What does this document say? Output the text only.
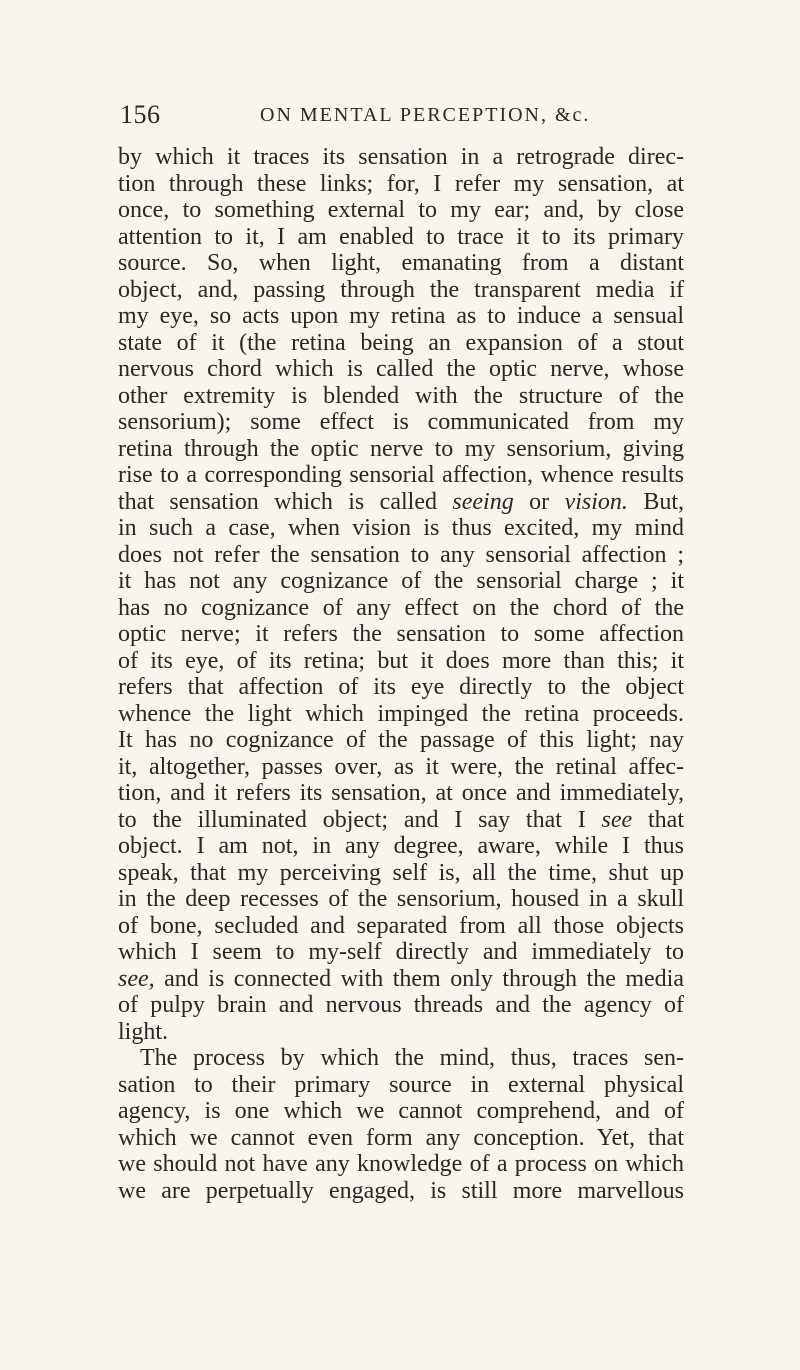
156	ON MENTAL PERCEPTION, &c.
by which it traces its sensation in a retrograde direc-
tion through these links; for, I refer my sensation, at
once, to something external to my ear; and, by close
attention to it, I am enabled to trace it to its primary
source. So, when light, emanating from a distant
object, and, passing through the transparent media if
my eye, so acts upon my retina as to induce a sensual
state of it (the retina being an expansion of a stout
nervous chord which is called the optic nerve, whose
other extremity is blended with the structure of the
sensorium); some effect is communicated from my
retina through the optic nerve to my sensorium, giving
rise to a corresponding sensorial affection, whence results
that sensation which is called seeing or vision. But,
in such a case, when vision is thus excited, my mind
does not refer the sensation to any sensorial affection ;
it has not any cognizance of the sensorial charge ; it
has no cognizance of any effect on the chord of the
optic nerve; it refers the sensation to some affection
of its eye, of its retina; but it does more than this; it
refers that affection of its eye directly to the object
whence the light which impinged the retina proceeds.
It has no cognizance of the passage of this light; nay
it, altogether, passes over, as it were, the retinal affec-
tion, and it refers its sensation, at once and immediately,
to the illuminated object; and I say that I see that
object. I am not, in any degree, aware, while I thus
speak, that my perceiving self is, all the time, shut up
in the deep recesses of the sensorium, housed in a skull
of bone, secluded and separated from all those objects
which I seem to my-self directly and immediately to
see, and is connected with them only through the media
of pulpy brain and nervous threads and the agency of
light.
The process by which the mind, thus, traces sen-
sation to their primary source in external physical
agency, is one which we cannot comprehend, and of
which we cannot even form any conception. Yet, that
we should not have any knowledge of a process on which
we are perpetually engaged, is still more marvellous
